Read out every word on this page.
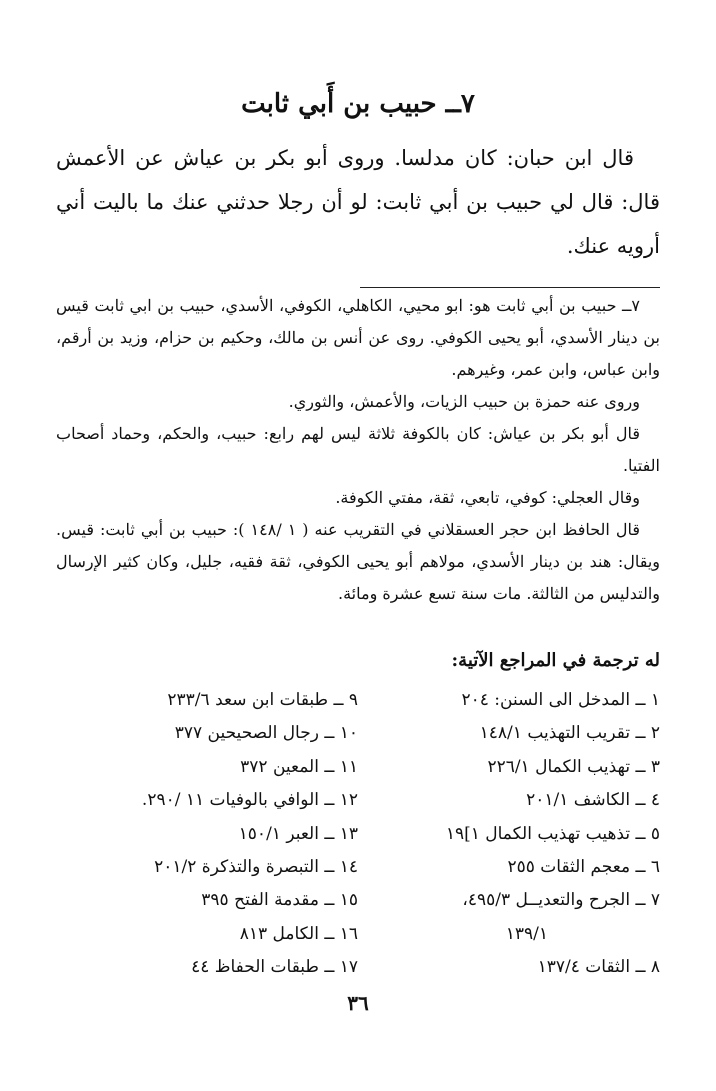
٧ــ حبيب بن أَبي ثابت

قال ابن حبان: كان مدلسا. وروى أبو بكر بن عياش عن الأعمش قال: قال لي حبيب بن أبي ثابت: لو أن رجلا حدثني عنك ما باليت أني أرويه عنك.

٧ــ حبيب بن أبي ثابت هو: ابو محيي، الكاهلي، الكوفي، الأسدي، حبيب بن ابي ثابت قيس بن دينار الأسدي، أبو يحيى الكوفي. روى عن أنس بن مالك، وحكيم بن حزام، وزيد بن أرقم، وابن عباس، وابن عمر، وغيرهم.

وروى عنه حمزة بن حبيب الزيات، والأعمش، والثوري.

قال أبو بكر بن عياش: كان بالكوفة ثلاثة ليس لهم رابع: حبيب، والحكم، وحماد أصحاب الفتيا.

وقال العجلي: كوفي، تابعي، ثقة، مفتي الكوفة.

قال الحافظ ابن حجر العسقلاني في التقريب عنه ( ١ /١٤٨ ): حبيب بن أبي ثابت: قيس. ويقال: هند بن دينار الأسدي، مولاهم أبو يحيى الكوفي، ثقة فقيه، جليل، وكان كثير الإرسال والتدليس من الثالثة. مات سنة تسع عشرة ومائة.

له ترجمة في المراجع الآتية:
١ ــ المدخل الى السنن: ٢٠٤
٢ ــ تقريب التهذيب ١٤٨/١
٣ ــ تهذيب الكمال ٢٢٦/١
٤ ــ الكاشف ٢٠١/١
٥ ــ تذهيب تهذيب الكمال ١]١٩
٦ ــ معجم الثقات ٢٥٥
٧ ــ الجرح والتعديــل ٤٩٥/٣،
١٣٩/١
٨ ــ الثقات ١٣٧/٤
٩ ــ طبقات ابن سعد ٢٣٣/٦
١٠ ــ رجال الصحيحين ٣٧٧
١١ ــ المعين ٣٧٢
١٢ ــ الوافي بالوفيات ١١ /٢٩٠.
١٣ ــ العبر ١٥٠/١
١٤ ــ التبصرة والتذكرة ٢٠١/٢
١٥ ــ مقدمة الفتح ٣٩٥
١٦ ــ الكامل ٨١٣
١٧ ــ طبقات الحفاظ ٤٤
٣٦
